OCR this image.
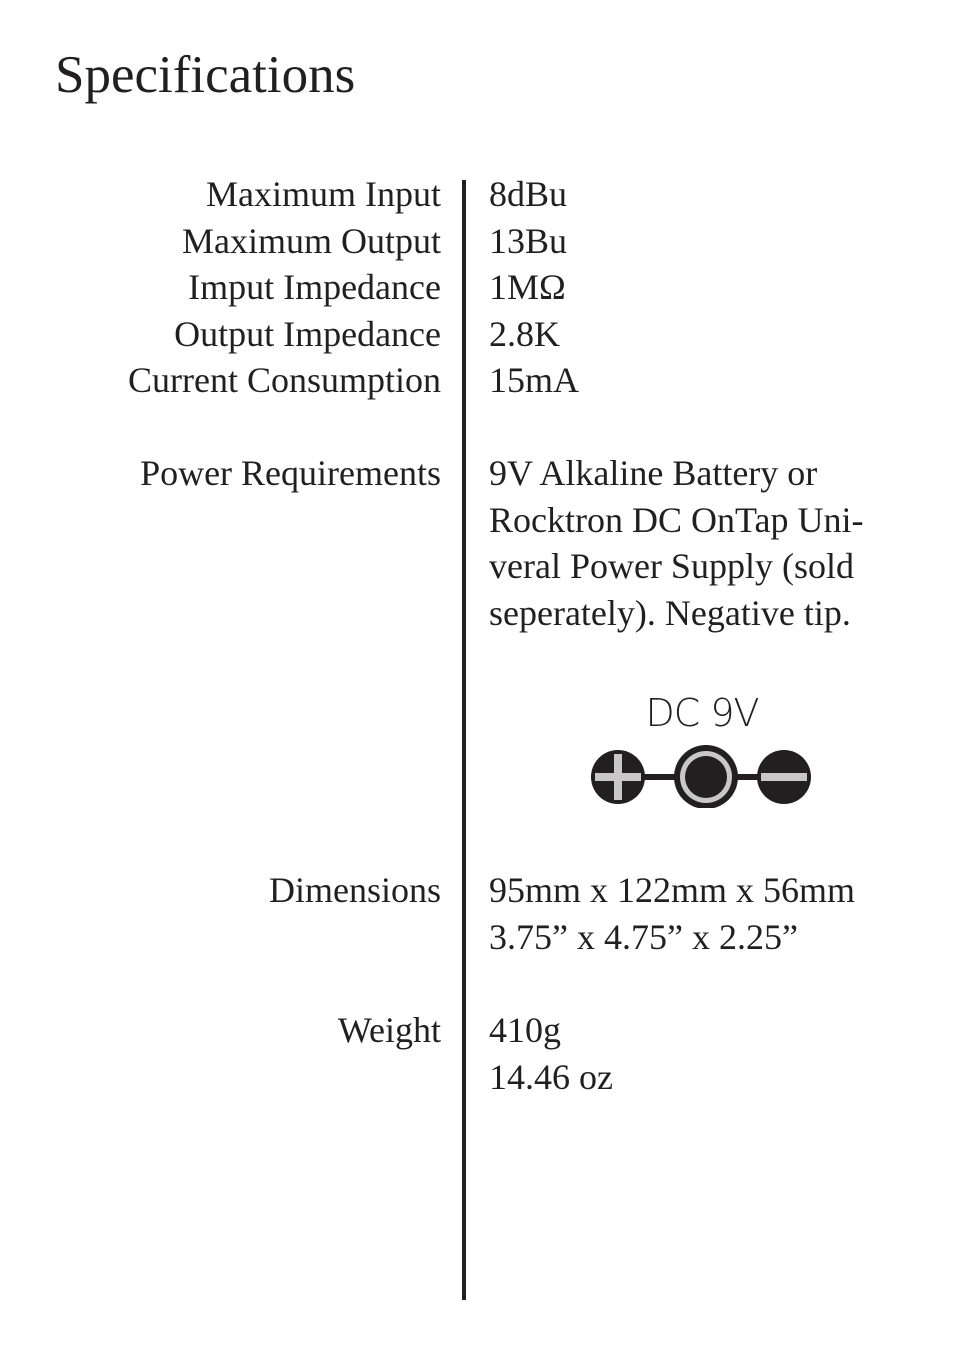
Specifications
Maximum Input
Maximum Output
Imput Impedance
Output Impedance
Current Consumption
8dBu
13Bu
1MΩ
2.8K
15mA
Power Requirements 9V Alkaline Battery or
Rocktron DC OnTap Uni-
veral Power Supply (sold
seperately). Negative tip.
DC 9V
Dimensions 95mm x 122mm x 56mm
3.75” x 4.75” x 2.25”
Weight 410g
14.46 oz
